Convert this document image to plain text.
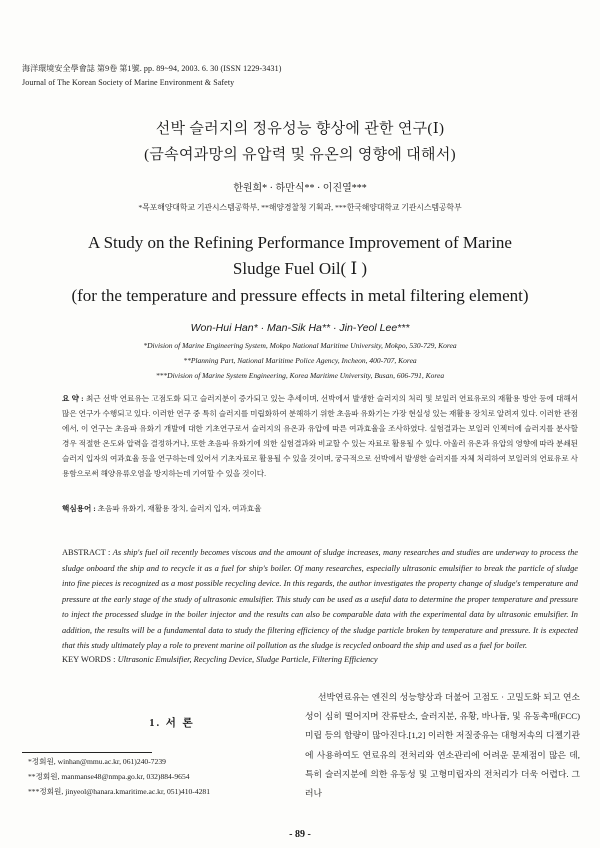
海洋環境安全學會誌 第9卷 第1號. pp. 89~94, 2003. 6. 30 (ISSN 1229-3431)
Journal of The Korean Society of Marine Environment & Safety
선박 슬러지의 정유성능 향상에 관한 연구(Ⅰ)
(금속여과망의 유압력 및 유온의 영향에 대해서)
한원희* · 하만식** · 이진열***
*목포해양대학교 기관시스템공학부, **해양경찰청 기획과, ***한국해양대학교 기관시스템공학부
A Study on the Refining Performance Improvement of Marine
Sludge Fuel Oil( Ⅰ )
(for the temperature and pressure effects in metal filtering element)
Won-Hui Han* · Man-Sik Ha** · Jin-Yeol Lee***
*Division of Marine Engineering System, Mokpo National Maritime University, Mokpo, 530-729, Korea
**Planning Part, National Maritime Police Agency, Incheon, 400-707, Korea
***Division of Marine System Engineering, Korea Maritime University, Busan, 606-791, Korea
요 약 : 최근 선박 연료유는 고점도화 되고 슬러지분이 증가되고 있는 추세이며, 선박에서 발생한 슬러지의 처리 및 보일러 연료유로의 재활용 방안 등에 대해서 많은 연구가 수행되고 있다. 이러한 연구 중 특히 슬러지를 미립화하여 분해하기 위한 초음파 유화기는 가장 현실성 있는 재활용 장치로 알려져 있다. 이러한 관점에서, 이 연구는 초음파 유화기 개발에 대한 기초연구로서 슬러지의 유온과 유압에 따른 여과효율을 조사하였다. 실험결과는 보일러 인젝터에 슬러지를 분사할 경우 적절한 온도와 압력을 결정하거나, 또한 초음파 유화기에 의한 실험결과와 비교할 수 있는 자료로 활용될 수 있다. 아울러 유온과 유압의 영향에 따라 분쇄된 슬러지 입자의 여과효율 등을 연구하는데 있어서 기초자료로 활용될 수 있을 것이며, 궁극적으로 선박에서 발생한 슬러지를 자체 처리하여 보일러의 연료유로 사용함으로써 해양유류오염을 방지하는데 기여할 수 있을 것이다.
핵심용어 : 초음파 유화기, 재활용 장치, 슬러지 입자, 여과효율
ABSTRACT : As ship's fuel oil recently becomes viscous and the amount of sludge increases, many researches and studies are underway to process the sludge onboard the ship and to recycle it as a fuel for ship's boiler. Of many researches, especially ultrasonic emulsifier to break the particle of sludge into fine pieces is recognized as a most possible recycling device. In this regards, the author investigates the property change of sludge's temperature and pressure at the early stage of the study of ultrasonic emulsifier. This study can be used as a useful data to determine the proper temperature and pressure to inject the processed sludge in the boiler injector and the results can also be comparable data with the experimental data by ultrasonic emulsifier. In addition, the results will be a fundamental data to study the filtering efficiency of the sludge particle broken by temperature and pressure. It is expected that this study ultimately play a role to prevent marine oil pollution as the sludge is recycled onboard the ship and used as a fuel for boiler.
KEY WORDS : Ultrasonic Emulsifier, Recycling Device, Sludge Particle, Filtering Efficiency
1. 서 론
*정회원, winhan@mmu.ac.kr, 061)240-7239
**정회원, manmanse48@nmpa.go.kr, 032)884-9654
***정회원, jinyeol@hanara.kmaritime.ac.kr, 051)410-4281
선박연료유는 엔진의 성능향상과 더불어 고점도 · 고밀도화 되고 연소성이 심히 떨어지며 잔류탄소, 슬러지분, 유황, 바나듐, 및 유동촉매(FCC)미립 등의 함량이 많아진다.[1,2] 이러한 저질중유는 대형저속의 디젤기관에 사용하여도 연료유의 전처리와 연소관리에 어려운 문제점이 많은 데, 특히 슬러지분에 의한 유동성 및 고형미립자의 전처리가 더욱 어렵다. 그러나
- 89 -
